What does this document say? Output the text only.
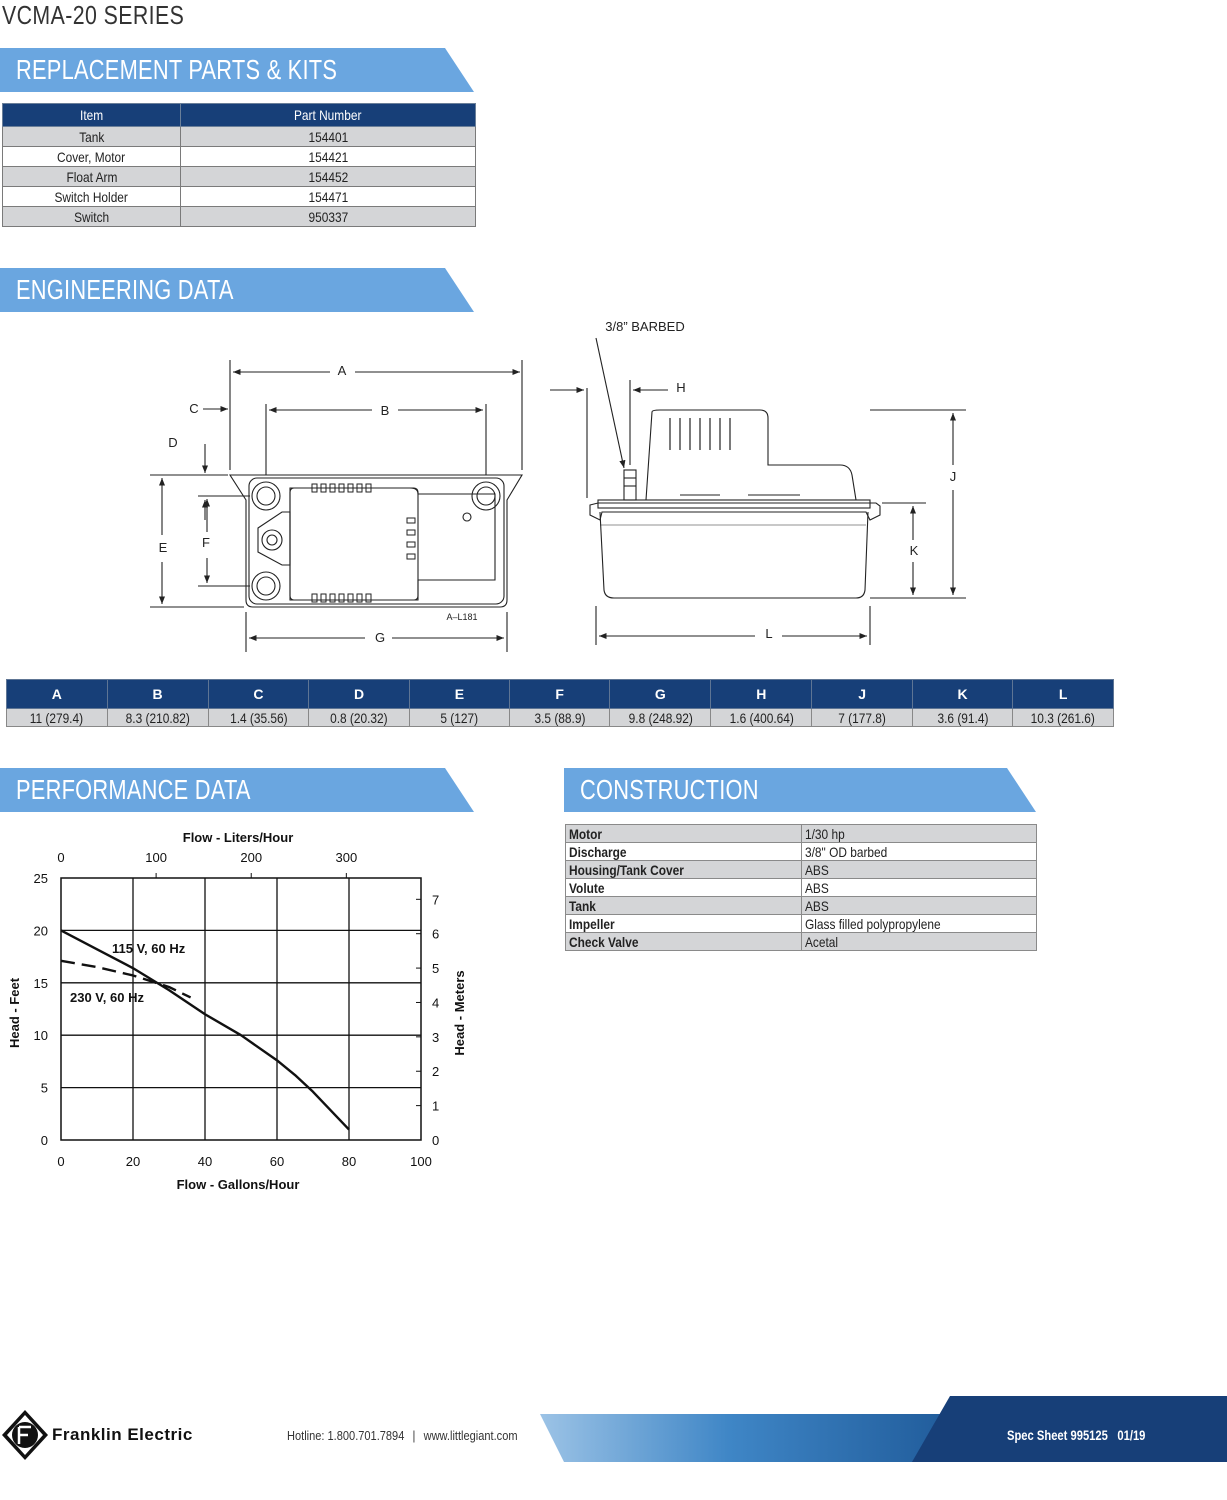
VCMA-20 SERIES
REPLACEMENT PARTS & KITS
ENGINEERING DATA
PERFORMANCE DATA	CONSTRUCTION
Item	Part Number
Tank	154401
Cover, Motor	154421
Float Arm	154452
Switch Holder	154471
Switch	950337
A
B
C
D
E	F
G
H
J
K
L
3/8” BARBED
A–L181
A	B	C	D	E	F	G	H	J	K	L
11 (279.4)	8.3 (210.82)	1.4 (35.56)	0.8 (20.32)	5 (127)	3.5 (88.9)	9.8 (248.92)	1.6 (400.64)	7 (177.8)	3.6 (91.4)	10.3 (261.6)
0	20	40	60	80	100
0
5
10
15
20
25
0	100	200	300
0
1
2
3
4
5
6
7
Flow - Liters/Hour
Flow - Gallons/Hour
Head - Feet	Head - Meters
115 V, 60 Hz
230 V, 60 Hz
Motor	1/30 hp
Discharge	3/8" OD barbed
Housing/Tank Cover	ABS
Volute	ABS
Tank	ABS
Impeller	Glass filled polypropylene
Check Valve	Acetal
Franklin Electric	Hotline: 1.800.701.7894 | www.littlegiant.com	Spec Sheet 995125 01/19
